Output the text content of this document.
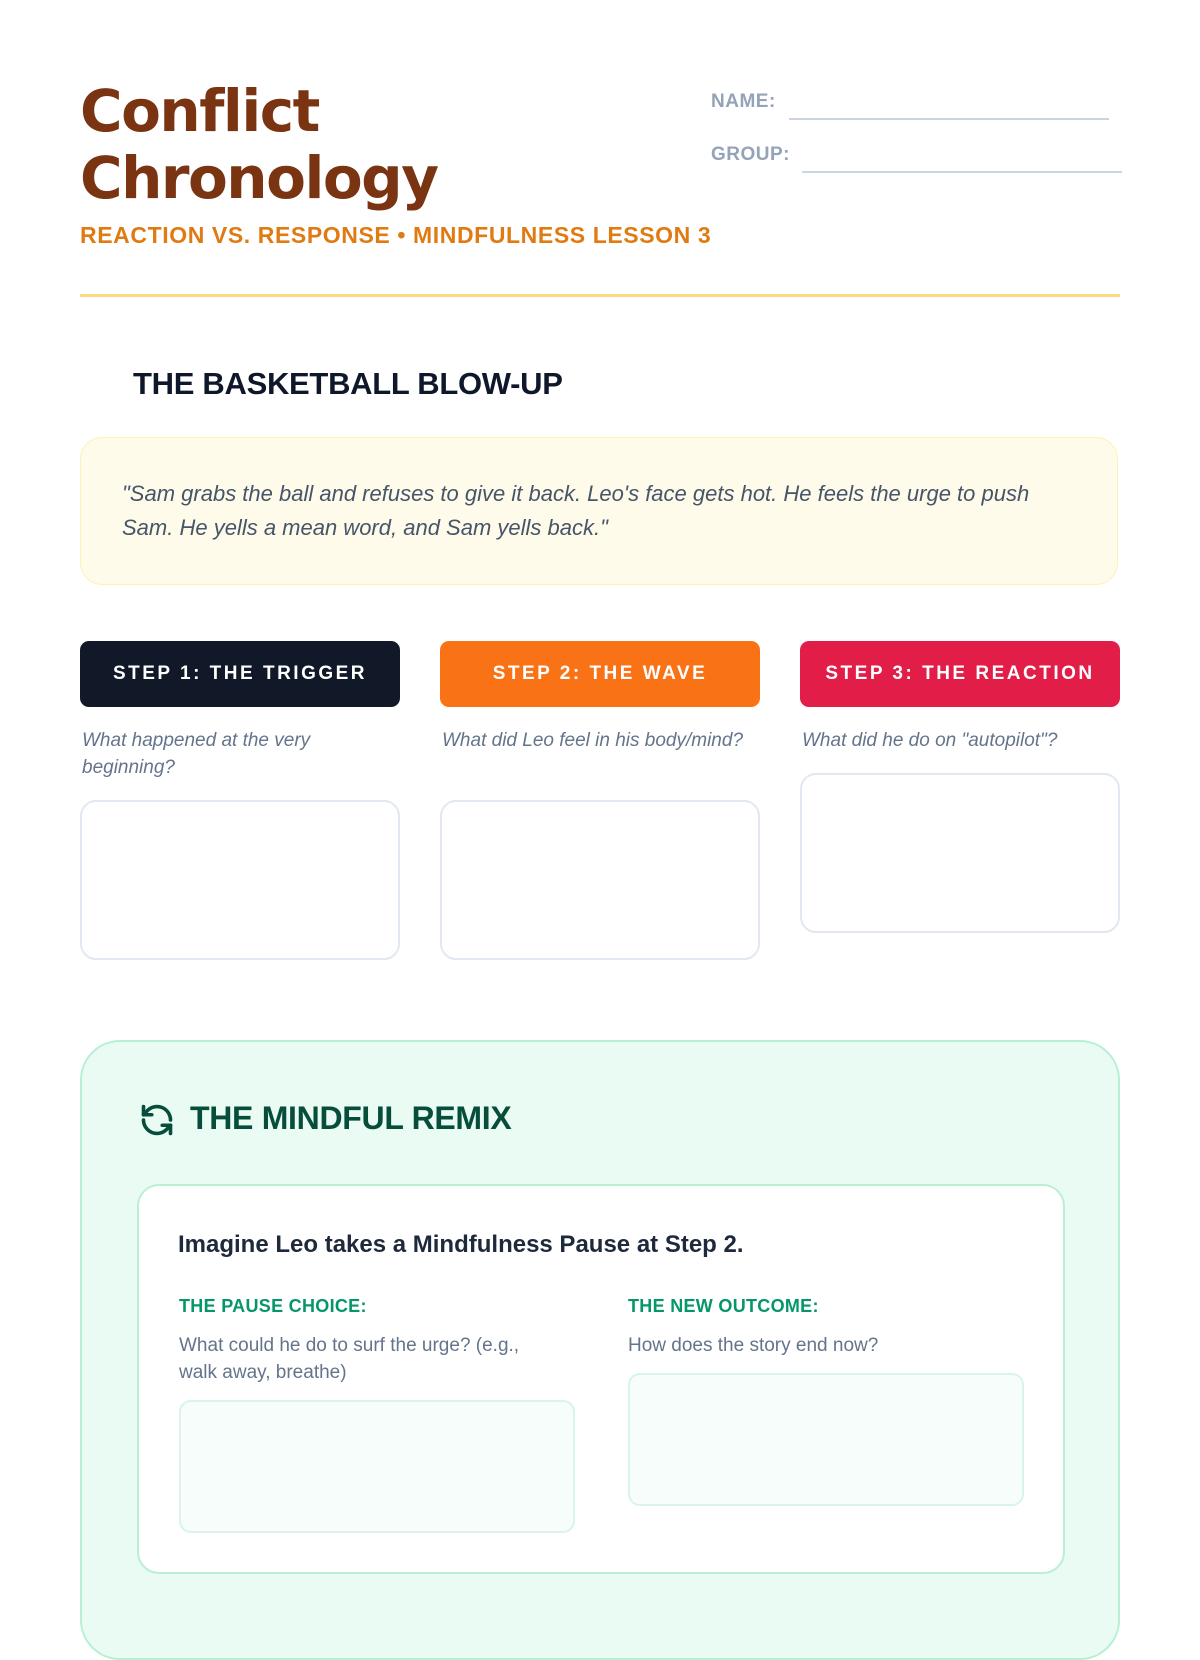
Conflict Chronology
REACTION VS. RESPONSE • MINDFULNESS LESSON 3
NAME:
GROUP:
THE BASKETBALL BLOW-UP
"Sam grabs the ball and refuses to give it back. Leo's face gets hot. He feels the urge to push Sam. He yells a mean word, and Sam yells back."
STEP 1: THE TRIGGER
What happened at the very beginning?
STEP 2: THE WAVE
What did Leo feel in his body/mind?
STEP 3: THE REACTION
What did he do on "autopilot"?
THE MINDFUL REMIX
Imagine Leo takes a Mindfulness Pause at Step 2.
THE PAUSE CHOICE:
What could he do to surf the urge? (e.g., walk away, breathe)
THE NEW OUTCOME:
How does the story end now?
